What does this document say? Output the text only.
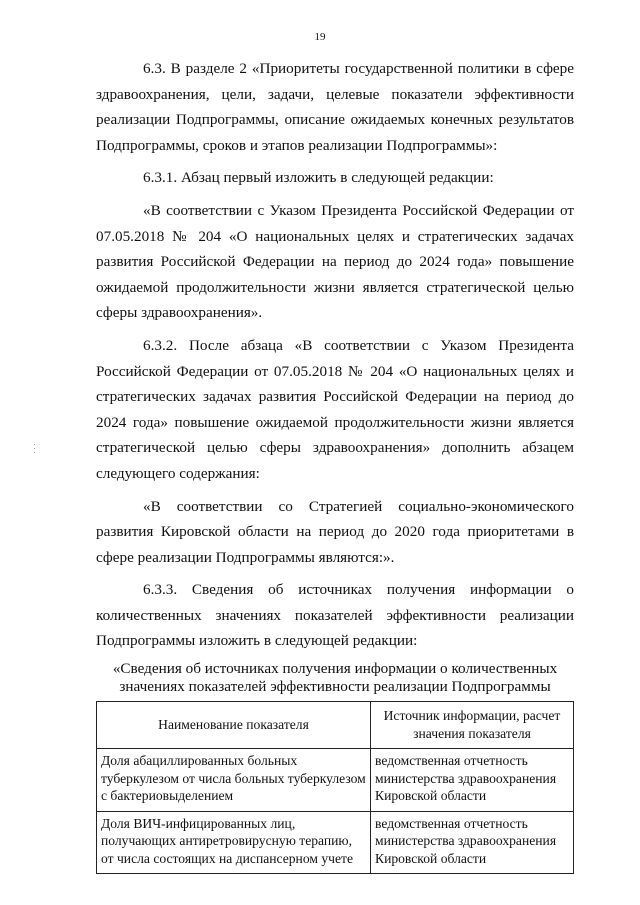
19

6.3. В разделе 2 «Приоритеты государственной политики в сфере здравоохранения, цели, задачи, целевые показатели эффективности реализации Подпрограммы, описание ожидаемых конечных результатов Подпрограммы, сроков и этапов реализации Подпрограммы»:

6.3.1. Абзац первый изложить в следующей редакции:

«В соответствии с Указом Президента Российской Федерации от 07.05.2018 № 204 «О национальных целях и стратегических задачах развития Российской Федерации на период до 2024 года» повышение ожидаемой продолжительности жизни является стратегической целью сферы здравоохранения».

6.3.2. После абзаца «В соответствии с Указом Президента Российской Федерации от 07.05.2018 № 204 «О национальных целях и стратегических задачах развития Российской Федерации на период до 2024 года» повышение ожидаемой продолжительности жизни является стратегической целью сферы здравоохранения» дополнить абзацем следующего содержания:

«В соответствии со Стратегией социально-экономического развития Кировской области на период до 2020 года приоритетами в сфере реализации Подпрограммы являются:».

6.3.3. Сведения об источниках получения информации о количественных значениях показателей эффективности реализации Подпрограммы изложить в следующей редакции:

«Сведения об источниках получения информации о количественных значениях показателей эффективности реализации Подпрограммы

Наименование показателя	Источник информации, расчет значения показателя
Доля абациллированных больных туберкулезом от числа больных туберкулезом с бактериовыделением	ведомственная отчетность министерства здравоохранения Кировской области
Доля ВИЧ-инфицированных лиц, получающих антиретровирусную терапию, от числа состоящих на диспансерном учете	ведомственная отчетность министерства здравоохранения Кировской области
